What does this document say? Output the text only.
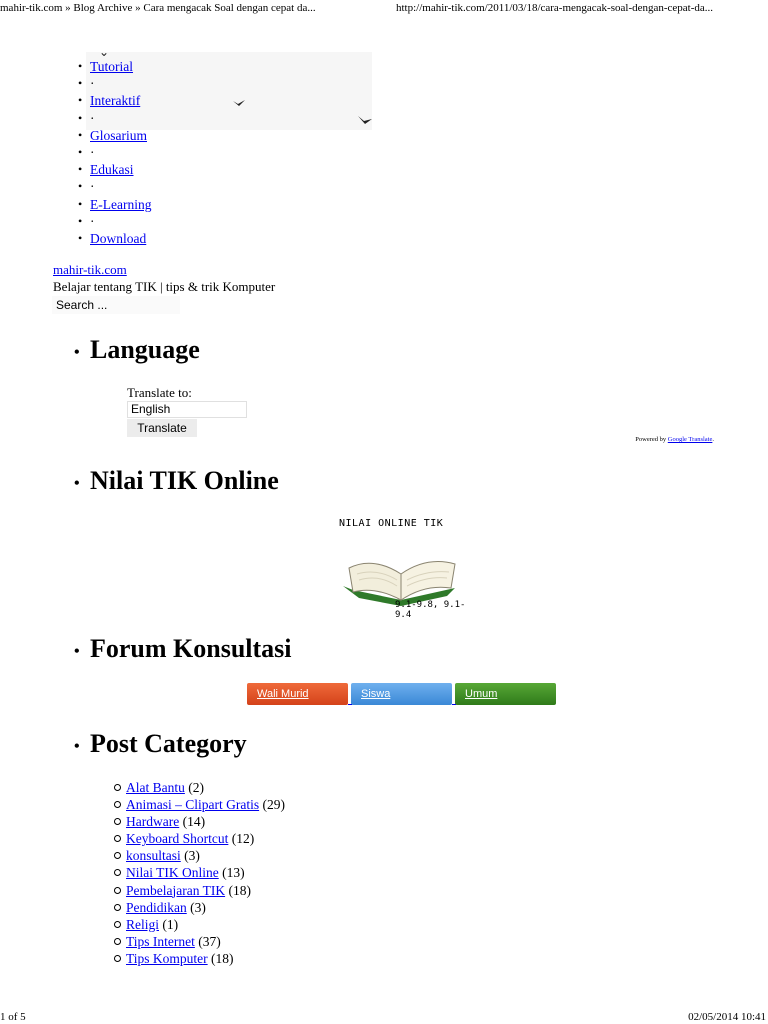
mahir-tik.com » Blog Archive » Cara mengacak Soal dengan cepat da...	http://mahir-tik.com/2011/03/18/cara-mengacak-soal-dengan-cepat-da...
⌄
• Tutorial
• ·
• Interaktif
• ·
• Glosarium
• ·
• Edukasi
• ·
• E-Learning
• ·
• Download
mahir-tik.com
Belajar tentang TIK | tips & trik Komputer
Search ...
• Language
Translate to:
English
Translate
Powered by Google Translate.
• Nilai TIK Online
NILAI ONLINE TIK
9.1-9.8, 9.1-9.4
• Forum Konsultasi
Wali Murid	Siswa	Umum
• Post Category
Alat Bantu (2)
Animasi – Clipart Gratis (29)
Hardware (14)
Keyboard Shortcut (12)
konsultasi (3)
Nilai TIK Online (13)
Pembelajaran TIK (18)
Pendidikan (3)
Religi (1)
Tips Internet (37)
Tips Komputer (18)
1 of 5	02/05/2014 10:41
